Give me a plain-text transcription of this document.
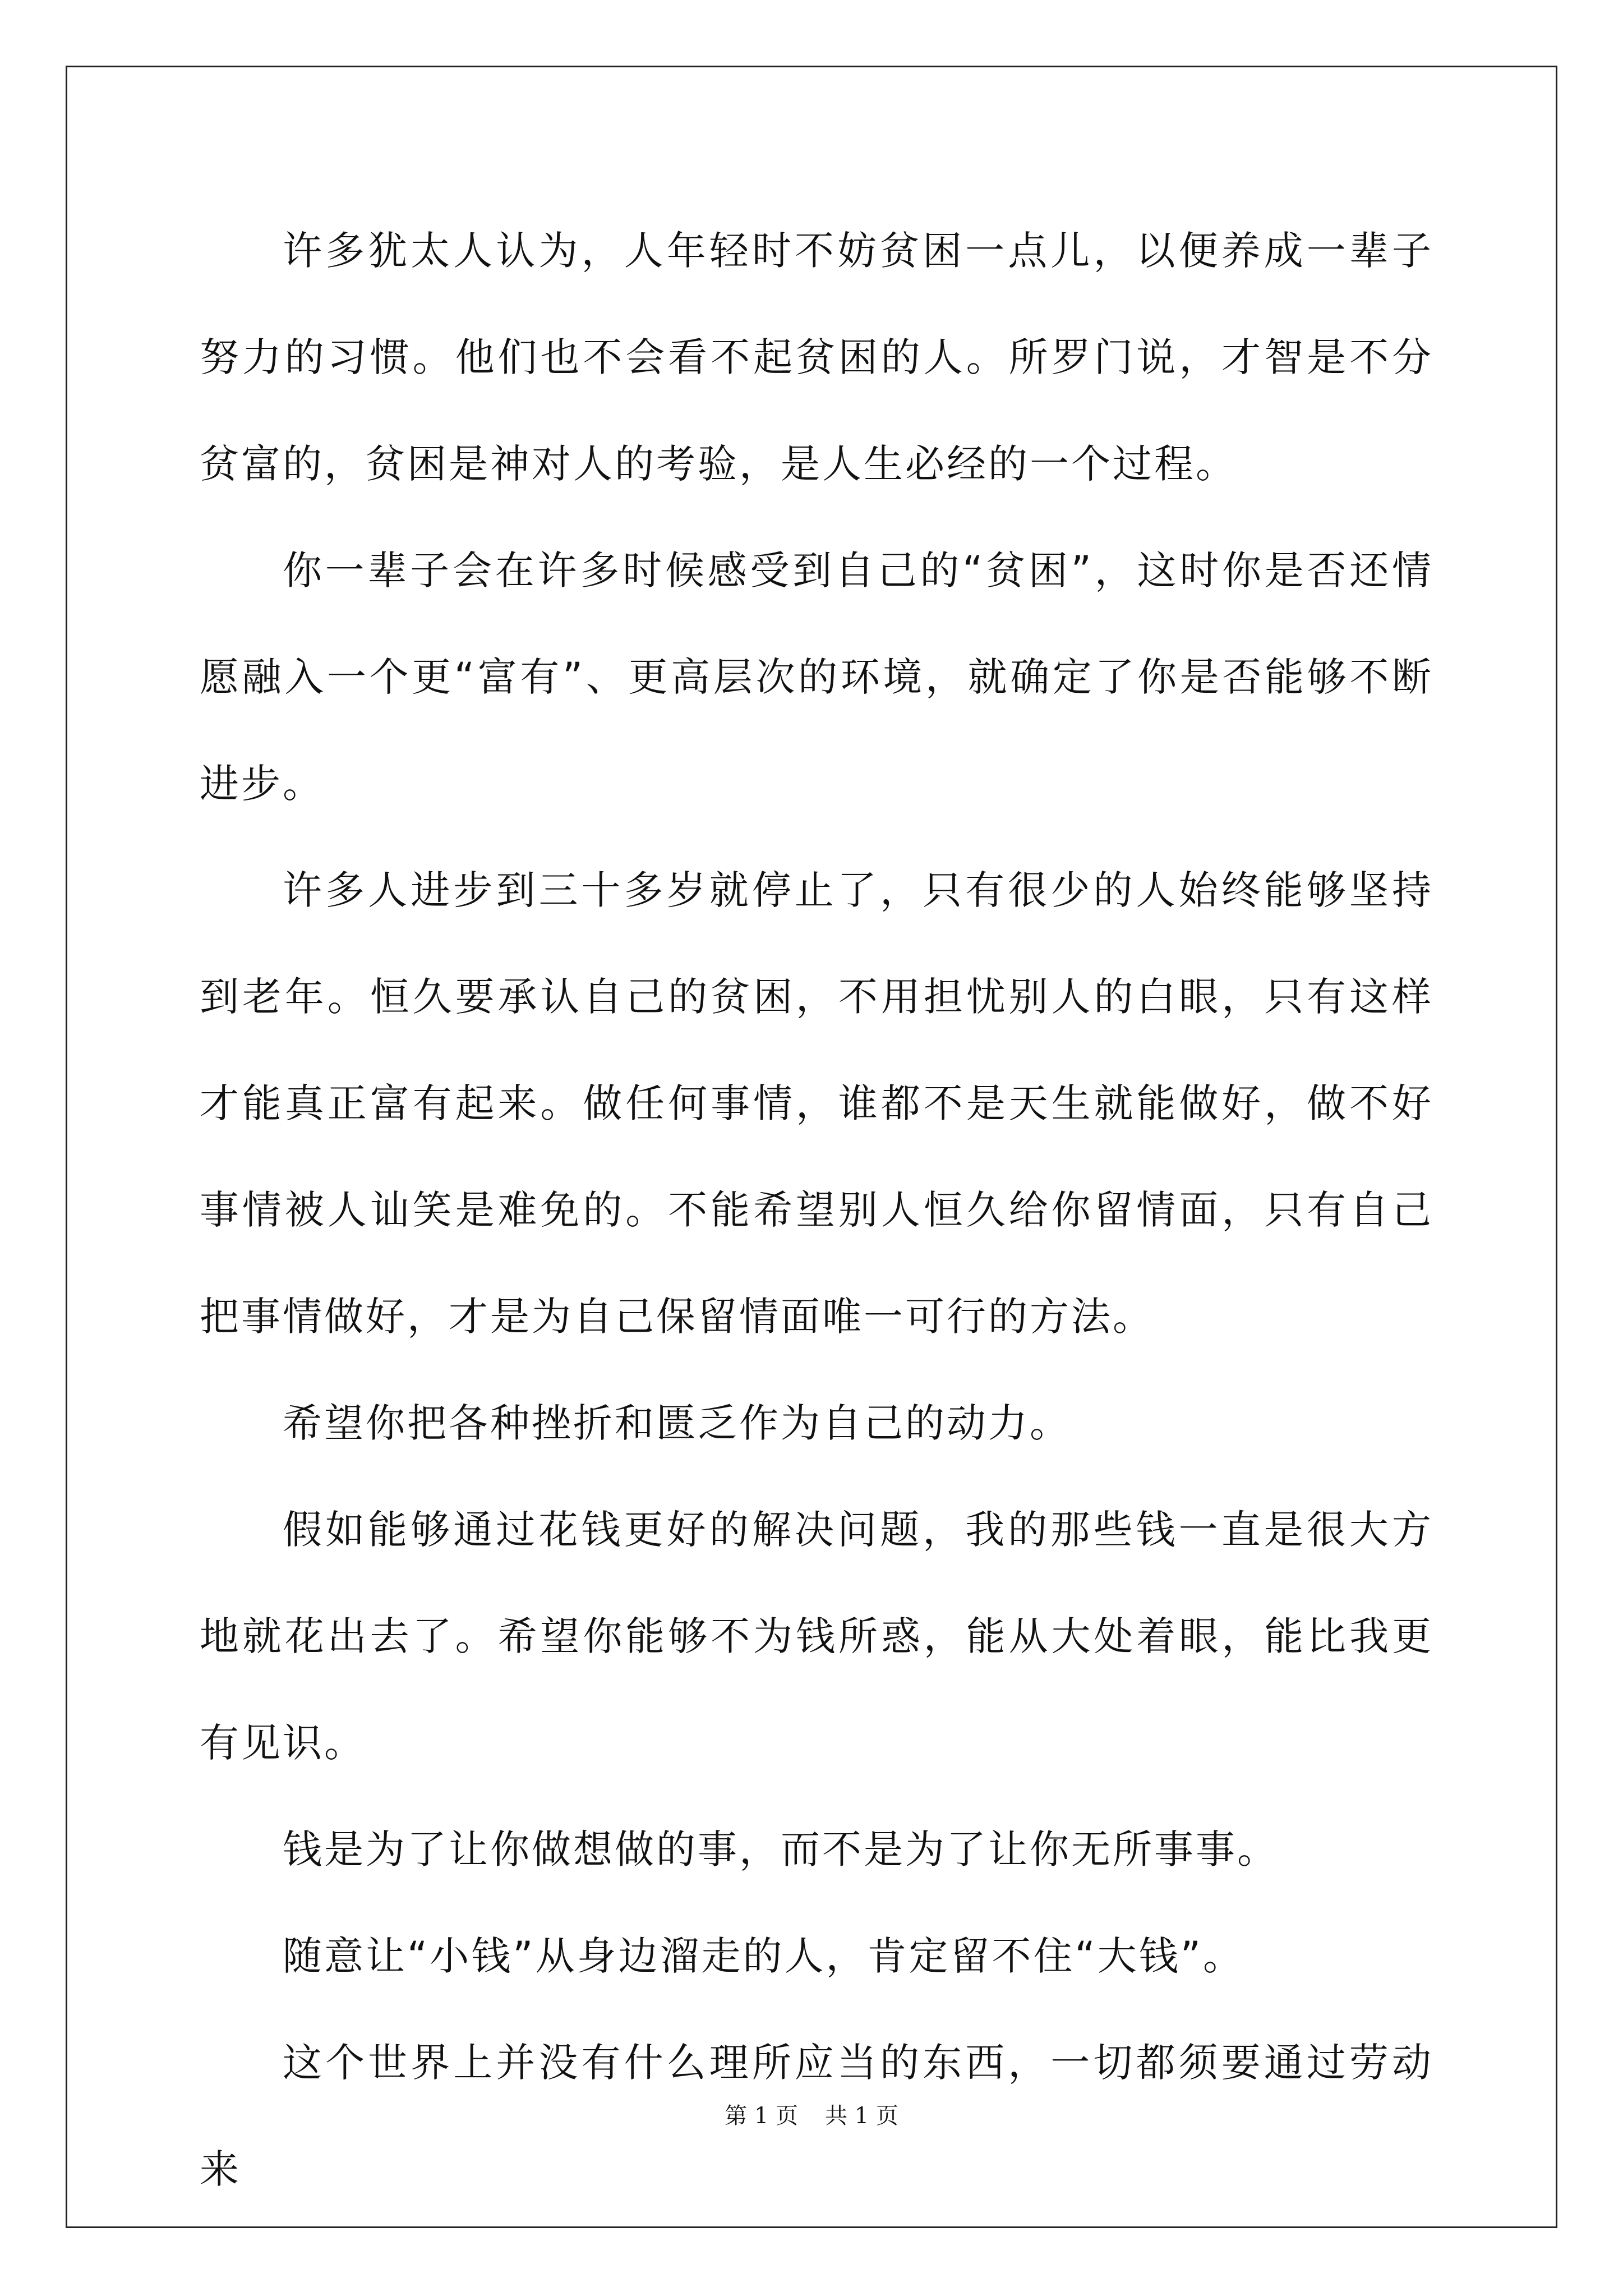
许多犹太人认为，人年轻时不妨贫困一点儿，以便养成一辈子努力的习惯。他们也不会看不起贫困的人。所罗门说，才智是不分贫富的，贫困是神对人的考验，是人生必经的一个过程。

你一辈子会在许多时候感受到自己的“贫困”，这时你是否还情愿融入一个更“富有”、更高层次的环境，就确定了你是否能够不断进步。

许多人进步到三十多岁就停止了，只有很少的人始终能够坚持到老年。恒久要承认自己的贫困，不用担忧别人的白眼，只有这样才能真正富有起来。做任何事情，谁都不是天生就能做好，做不好事情被人讪笑是难免的。不能希望别人恒久给你留情面，只有自己把事情做好，才是为自己保留情面唯一可行的方法。

希望你把各种挫折和匮乏作为自己的动力。

假如能够通过花钱更好的解决问题，我的那些钱一直是很大方地就花出去了。希望你能够不为钱所惑，能从大处着眼，能比我更有见识。

钱是为了让你做想做的事，而不是为了让你无所事事。

随意让“小钱”从身边溜走的人，肯定留不住“大钱”。

这个世界上并没有什么理所应当的东西，一切都须要通过劳动来

第 1 页 共 1 页
